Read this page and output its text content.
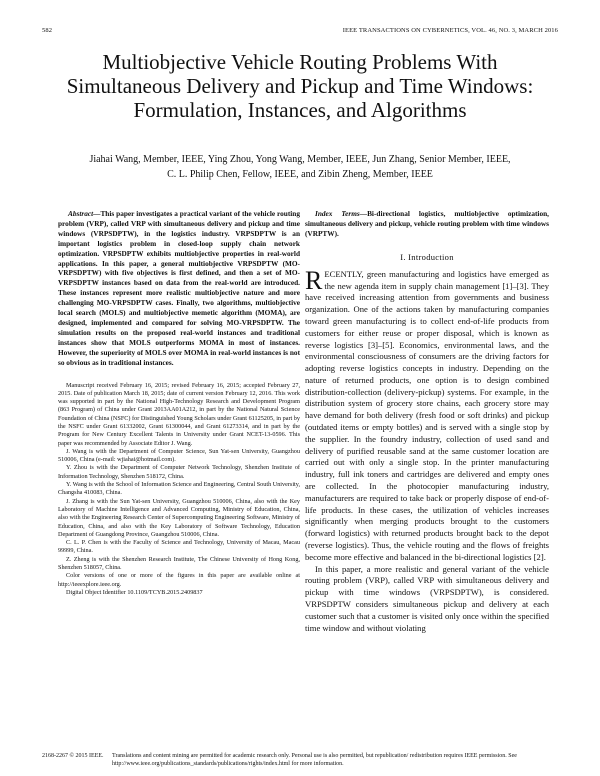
582	IEEE TRANSACTIONS ON CYBERNETICS, VOL. 46, NO. 3, MARCH 2016
Multiobjective Vehicle Routing Problems With Simultaneous Delivery and Pickup and Time Windows: Formulation, Instances, and Algorithms
Jiahai Wang, Member, IEEE, Ying Zhou, Yong Wang, Member, IEEE, Jun Zhang, Senior Member, IEEE,
C. L. Philip Chen, Fellow, IEEE, and Zibin Zheng, Member, IEEE

Abstract—This paper investigates a practical variant of the vehicle routing problem (VRP), called VRP with simultaneous delivery and pickup and time windows (VRPSDPTW), in the logistics industry. VRPSDPTW is an important logistics problem in closed-loop supply chain network optimization. VRPSDPTW exhibits multiobjective properties in real-world applications. In this paper, a general multiobjective VRPSDPTW (MO-VRPSDPTW) with five objectives is first defined, and then a set of MO-VRPSDPTW instances based on data from the real-world are introduced. These instances represent more realistic multiobjective nature and more challenging MO-VRPSDPTW cases. Finally, two algorithms, multiobjective local search (MOLS) and multiobjective memetic algorithm (MOMA), are designed, implemented and compared for solving MO-VRPSDPTW. The simulation results on the proposed real-world instances and traditional instances show that MOLS outperforms MOMA in most of instances. However, the superiority of MOLS over MOMA in real-world instances is not so obvious as in traditional instances.

Manuscript received February 16, 2015; revised February 16, 2015; accepted February 27, 2015. Date of publication March 18, 2015; date of current version February 12, 2016. This work was supported in part by the National High-Technology Research and Development Program (863 Program) of China under Grant 2013AA01A212, in part by the National Natural Science Foundation of China (NSFC) for Distinguished Young Scholars under Grant 61125205, in part by the NSFC under Grant 61332002, Grant 61300044, and Grant 61273314, and in part by the Program for New Century Excellent Talents in University under Grant NCET-13-0596. This paper was recommended by Associate Editor J. Wang.

J. Wang is with the Department of Computer Science, Sun Yat-sen University, Guangzhou 510006, China (e-mail: wjiahai@hotmail.com).

Y. Zhou is with the Department of Computer Network Technology, Shenzhen Institute of Information Technology, Shenzhen 518172, China.

Y. Wang is with the School of Information Science and Engineering, Central South University, Changsha 410083, China.

J. Zhang is with the Sun Yat-sen University, Guangzhou 510006, China, also with the Key Laboratory of Machine Intelligence and Advanced Computing, Ministry of Education, China, also with the Engineering Research Center of Supercomputing Engineering Software, Ministry of Education, China, and also with the Key Laboratory of Software Technology, Education Department of Guangdong Province, Guangzhou 510006, China.

C. L. P. Chen is with the Faculty of Science and Technology, University of Macau, Macau 99999, China.

Z. Zheng is with the Shenzhen Research Institute, The Chinese University of Hong Kong, Shenzhen 518057, China.

Color versions of one or more of the figures in this paper are available online at http://ieeexplore.ieee.org.

Digital Object Identifier 10.1109/TCYB.2015.2409837

Index Terms—Bi-directional logistics, multiobjective optimization, simultaneous delivery and pickup, vehicle routing problem with time windows (VRPTW).

I. Introduction

RECENTLY, green manufacturing and logistics have emerged as the new agenda item in supply chain management [1]–[3]. They have received increasing attention from governments and business organization. One of the actions taken by manufacturing companies toward green manufacturing is to collect end-of-life products from customers for either reuse or proper disposal, which is known as reverse logistics [3]–[5]. Economics, environmental laws, and the environmental consciousness of consumers are the driving factors for adopting reverse logistics concepts in industry. Depending on the nature of returned products, one option is to design combined distribution-collection (delivery-pickup) systems. For example, in the distribution system of grocery store chains, each grocery store may have demand for both delivery (fresh food or soft drinks) and pickup (outdated items or empty bottles) and is served with a single stop by the supplier. In the foundry industry, collection of used sand and delivery of purified reusable sand at the same customer location are carried out with only a single stop. In the printer manufacturing industry, full ink toners and cartridges are delivered and empty ones are collected. In the photocopier manufacturing industry, manufacturers are required to take back or properly dispose of end-of-life products. In these cases, the utilization of vehicles increases significantly when merging products brought to the customers (forward logistics) with returned products brought back to the depot (reverse logistics). Thus, the vehicle routing and the flows of freights become more effective and balanced in the bi-directional logistics [2].

In this paper, a more realistic and general variant of the vehicle routing problem (VRP), called VRP with simultaneous delivery and pickup with time windows (VRPSDPTW), is considered. VRPSDPTW considers simultaneous pickup and delivery at each customer such that a customer is visited only once within the specified time window and without violating

2168-2267 © 2015 IEEE.	Translations and content mining are permitted for academic research only. Personal use is also permitted, but republication/ redistribution requires IEEE permission. See http://www.ieee.org/publications_standards/publications/rights/index.html for more information.
